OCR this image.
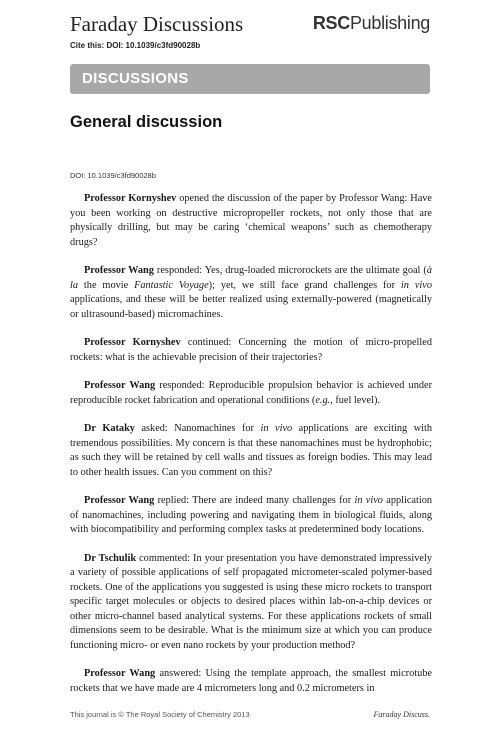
Faraday Discussions	RSCPublishing
Cite this: DOI: 10.1039/c3fd90028b
DISCUSSIONS
General discussion
DOI: 10.1039/c3fd90028b

Professor Kornyshev opened the discussion of the paper by Professor Wang: Have you been working on destructive micropropeller rockets, not only those that are physically drilling, but may be caring ‘chemical weapons’ such as chemotherapy drugs?

Professor Wang responded: Yes, drug-loaded microrockets are the ultimate goal (à la the movie Fantastic Voyage); yet, we still face grand challenges for in vivo applications, and these will be better realized using externally-powered (magnetically or ultrasound-based) micromachines.

Professor Kornyshev continued: Concerning the motion of micro-propelled rockets: what is the achievable precision of their trajectories?

Professor Wang responded: Reproducible propulsion behavior is achieved under reproducible rocket fabrication and operational conditions (e.g., fuel level).

Dr Kataky asked: Nanomachines for in vivo applications are exciting with tremendous possibilities. My concern is that these nanomachines must be hydrophobic; as such they will be retained by cell walls and tissues as foreign bodies. This may lead to other health issues. Can you comment on this?

Professor Wang replied: There are indeed many challenges for in vivo application of nanomachines, including powering and navigating them in biological fluids, along with biocompatibility and performing complex tasks at predetermined body locations.

Dr Tschulik commented: In your presentation you have demonstrated impressively a variety of possible applications of self propagated micrometer-scaled polymer-based rockets. One of the applications you suggested is using these micro rockets to transport specific target molecules or objects to desired places within lab-on-a-chip devices or other micro-channel based analytical systems. For these applications rockets of small dimensions seem to be desirable. What is the minimum size at which you can produce functioning micro- or even nano rockets by your production method?

Professor Wang answered: Using the template approach, the smallest microtube rockets that we have made are 4 micrometers long and 0.2 micrometers in

This journal is © The Royal Society of Chemistry 2013	Faraday Discuss.
